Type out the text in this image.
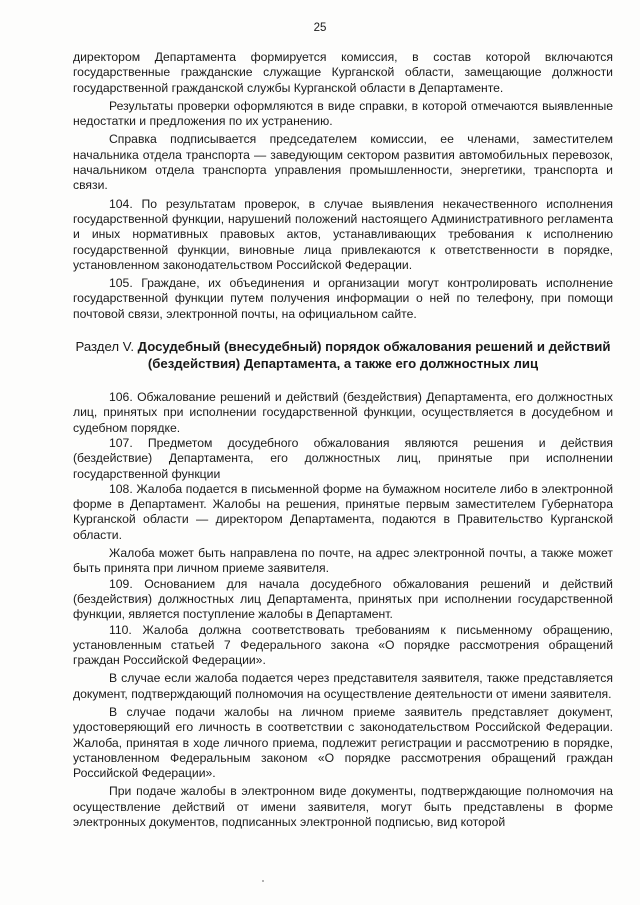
25

директором Департамента формируется комиссия, в состав которой включаются государственные гражданские служащие Курганской области, замещающие должности государственной гражданской службы Курганской области в Департаменте.

Результаты проверки оформляются в виде справки, в которой отмечаются выявленные недостатки и предложения по их устранению.

Справка подписывается председателем комиссии, ее членами, заместителем начальника отдела транспорта — заведующим сектором развития автомобильных перевозок, начальником отдела транспорта управления промышленности, энергетики, транспорта и связи.

104. По результатам проверок, в случае выявления некачественного исполнения государственной функции, нарушений положений настоящего Административного регламента и иных нормативных правовых актов, устанавливающих требования к исполнению государственной функции, виновные лица привлекаются к ответственности в порядке, установленном законодательством Российской Федерации.

105. Граждане, их объединения и организации могут контролировать исполнение государственной функции путем получения информации о ней по телефону, при помощи почтовой связи, электронной почты, на официальном сайте.

Раздел V. Досудебный (внесудебный) порядок обжалования решений и действий (бездействия) Департамента, а также его должностных лиц

106. Обжалование решений и действий (бездействия) Департамента, его должностных лиц, принятых при исполнении государственной функции, осуществляется в досудебном и судебном порядке.

107. Предметом досудебного обжалования являются решения и действия (бездействие) Департамента, его должностных лиц, принятые при исполнении государственной функции

108. Жалоба подается в письменной форме на бумажном носителе либо в электронной форме в Департамент. Жалобы на решения, принятые первым заместителем Губернатора Курганской области — директором Департамента, подаются в Правительство Курганской области.

Жалоба может быть направлена по почте, на адрес электронной почты, а также может быть принята при личном приеме заявителя.

109. Основанием для начала досудебного обжалования решений и действий (бездействия) должностных лиц Департамента, принятых при исполнении государственной функции, является поступление жалобы в Департамент.

110. Жалоба должна соответствовать требованиям к письменному обращению, установленным статьей 7 Федерального закона «О порядке рассмотрения обращений граждан Российской Федерации».

В случае если жалоба подается через представителя заявителя, также представляется документ, подтверждающий полномочия на осуществление деятельности от имени заявителя.

В случае подачи жалобы на личном приеме заявитель представляет документ, удостоверяющий его личность в соответствии с законодательством Российской Федерации. Жалоба, принятая в ходе личного приема, подлежит регистрации и рассмотрению в порядке, установленном Федеральным законом «О порядке рассмотрения обращений граждан Российской Федерации».

При подаче жалобы в электронном виде документы, подтверждающие полномочия на осуществление действий от имени заявителя, могут быть представлены в форме электронных документов, подписанных электронной подписью, вид которой
